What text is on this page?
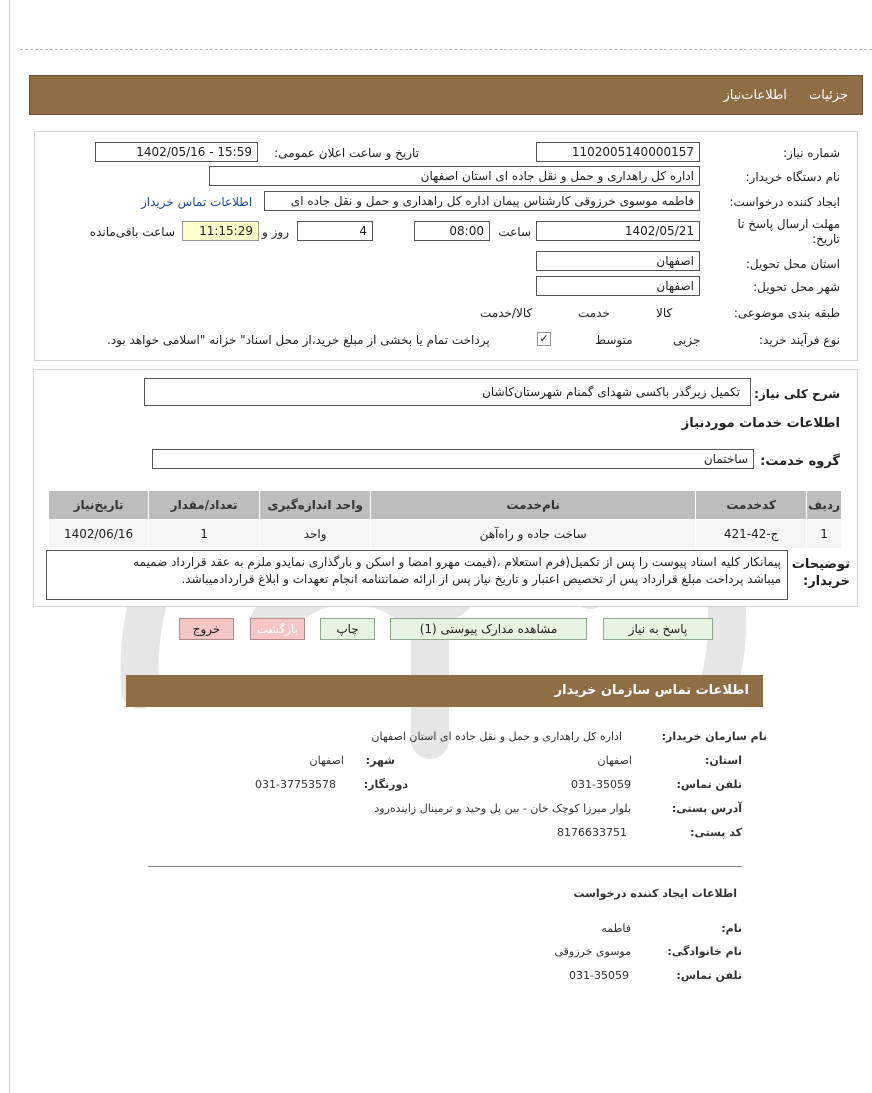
جزئیات اطلاعات‌نیاز
شماره نیاز:
1102005140000157
تاریخ و ساعت اعلان عمومی:
1402/05/16 - 15:59
نام دستگاه خریدار:
اداره کل راهداری و حمل و نقل جاده ای استان اصفهان
ایجاد کننده درخواست:
فاطمه موسوی خرزوقی کارشناس پیمان اداره کل راهداری و حمل و نقل جاده ای
اطلاعات تماس خریدار
مهلت ارسال پاسخ تا تاریخ:
1402/05/21
ساعت
08:00
4
روز و
11:15:29
ساعت باقی‌مانده
استان محل تحویل:
اصفهان
شهر محل تحویل:
اصفهان
طبقه بندی موضوعی:

کالا

خدمت

کالا/خدمت
نوع فرآیند خرید:

جزیی
متوسط
✓
پرداخت تمام یا بخشی از مبلغ خرید،از محل اسناد" خزانه "اسلامی خواهد بود.
شرح کلی نیاز:
تکمیل زیرگذر باکسی شهدای گمنام شهرستان‌کاشان
اطلاعات خدمات موردنیاز
گروه خدمت:
ساختمان
ردیف	کدخدمت	نام‌خدمت	واحد اندازه‌گیری	تعداد/مقدار	تاریخ‌نیاز
1	ج-42-421	ساخت جاده و راه‌آهن	واحد	1	1402/06/16
توضیحات خریدار:
پیمانکار کلیه اسناد پیوست را پس از تکمیل(فرم استعلام ،(قیمت مهرو امضا و اسکن و بارگذاری نمایدو ملزم به عقد قرارداد ضمیمه
میباشد پرداخت مبلغ قرارداد پس از تخصیص اعتبار و تاریخ نیاز پس از ارائه ضمانتنامه انجام تعهدات و ابلاغ قراردادمیباشد.
پاسخ به نیاز
مشاهده مدارک پیوستی (1)
چاپ
بازگشت
خروج
اطلاعات تماس سازمان خریدار
نام سازمان خریدار:
اداره کل راهداری و حمل و نقل جاده ای استان اصفهان
استان:
اصفهان
شهر:
اصفهان
تلفن تماس:
031-35059
دورنگار:
031-37753578
آدرس پستی:
بلوار میرزا کوچک خان - بین پل وحید و ترمینال زاینده‌رود
کد پستی:
8176633751
اطلاعات ایجاد کننده درخواست
نام:
فاطمه
نام خانوادگی:
موسوی خرزوقی
تلفن تماس:
031-35059
